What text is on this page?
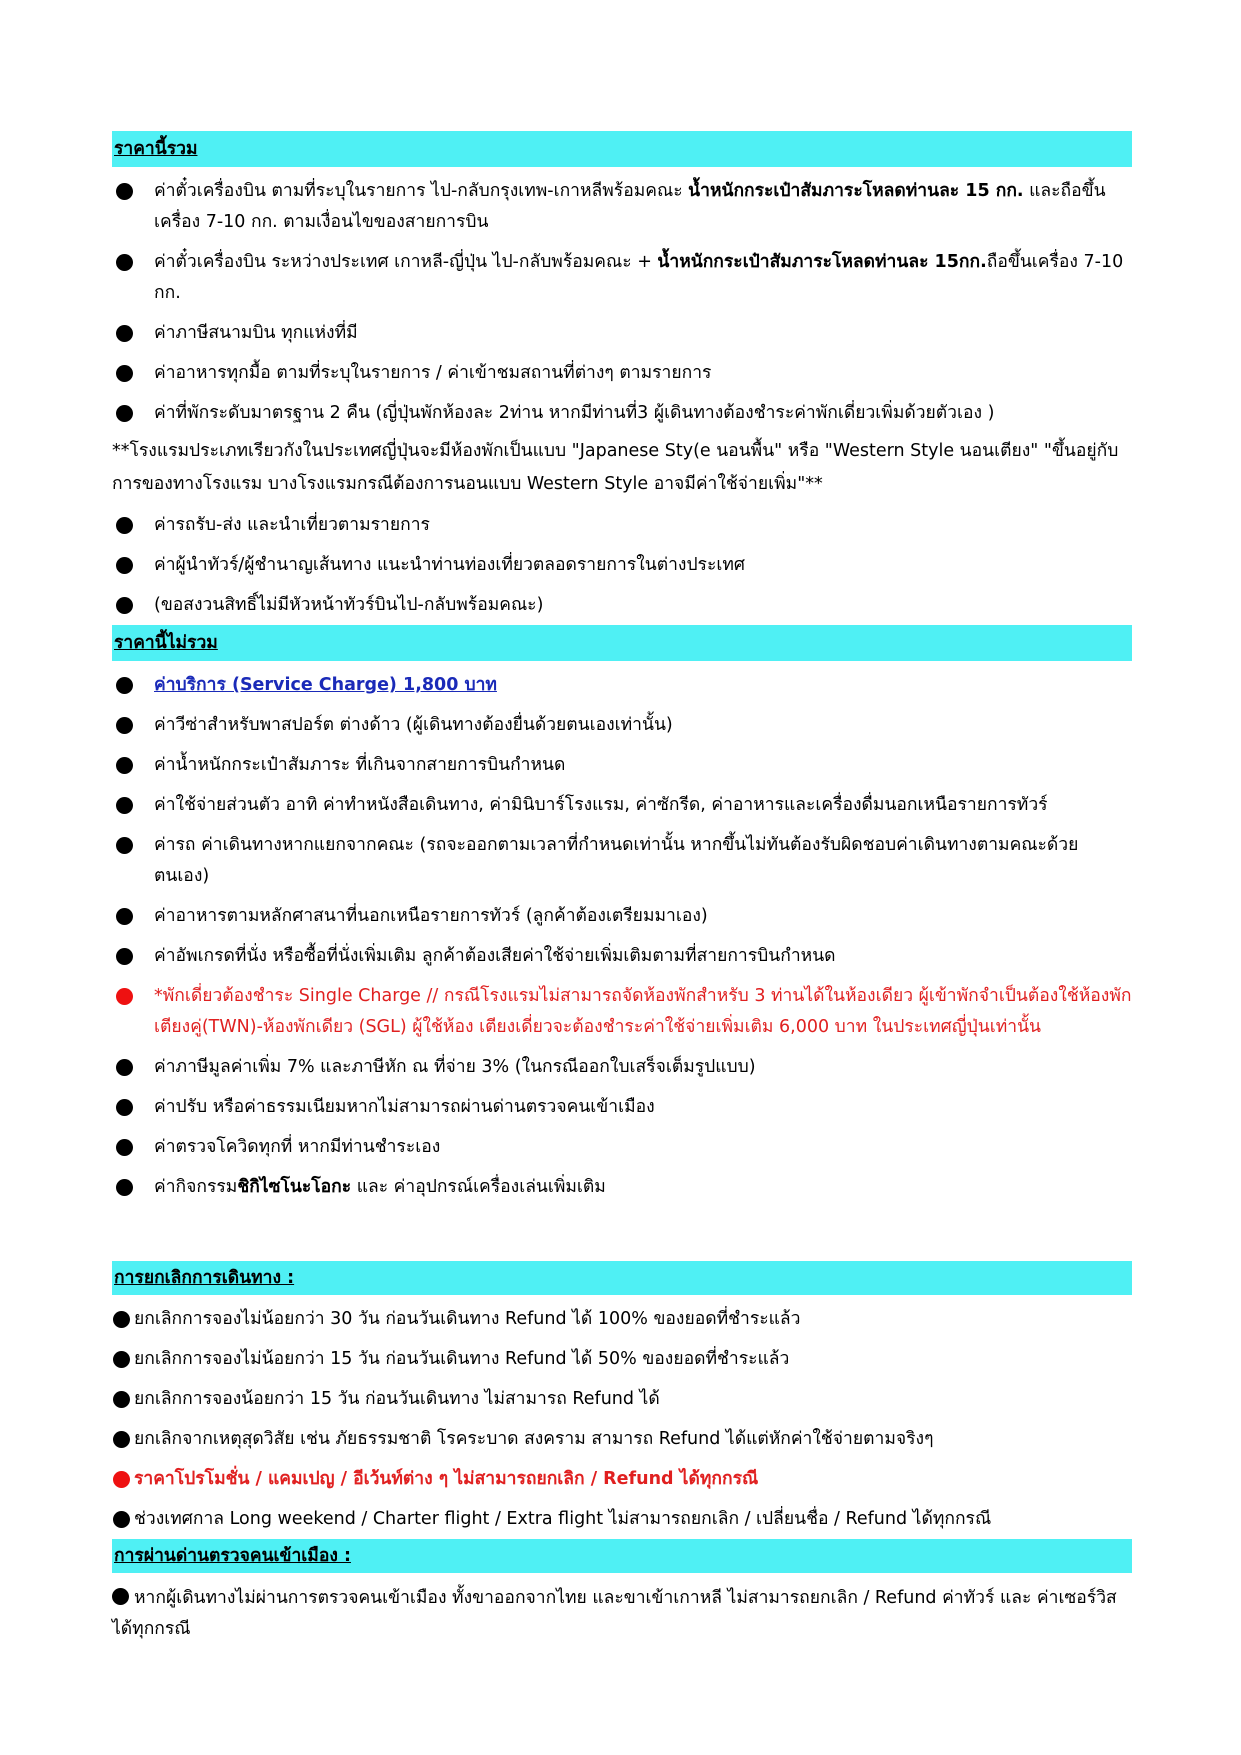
ราคานี้รวม
ค่าตั๋วเครื่องบิน ตามที่ระบุในรายการ ไป-กลับกรุงเทพ-เกาหลีพร้อมคณะ น้ำหนักกระเป๋าสัมภาระโหลดท่านละ 15 กก. และถือขึ้นเครื่อง 7-10 กก. ตามเงื่อนไขของสายการบิน
ค่าตั๋วเครื่องบิน ระหว่างประเทศ เกาหลี-ญี่ปุ่น ไป-กลับพร้อมคณะ + น้ำหนักกระเป๋าสัมภาระโหลดท่านละ 15กก.ถือขึ้นเครื่อง 7-10 กก.
ค่าภาษีสนามบิน ทุกแห่งที่มี
ค่าอาหารทุกมื้อ ตามที่ระบุในรายการ / ค่าเข้าชมสถานที่ต่างๆ ตามรายการ
ค่าที่พักระดับมาตรฐาน 2 คืน (ญี่ปุ่นพักห้องละ 2ท่าน หากมีท่านที่3 ผู้เดินทางต้องชำระค่าพักเดี่ยวเพิ่มด้วยตัวเอง )
**โรงแรมประเภทเรียวกังในประเทศญี่ปุ่นจะมีห้องพักเป็นแบบ "Japanese Sty(e นอนพื้น" หรือ "Western Style นอนเตียง" "ขึ้นอยู่กับการของทางโรงแรม บางโรงแรมกรณีต้องการนอนแบบ Western Style อาจมีค่าใช้จ่ายเพิ่ม"**
ค่ารถรับ-ส่ง และนำเที่ยวตามรายการ
ค่าผู้นำทัวร์/ผู้ชำนาญเส้นทาง แนะนำท่านท่องเที่ยวตลอดรายการในต่างประเทศ
(ขอสงวนสิทธิ์ไม่มีหัวหน้าทัวร์บินไป-กลับพร้อมคณะ)
ราคานี้ไม่รวม
ค่าบริการ (Service Charge) 1,800 บาท
ค่าวีซ่าสำหรับพาสปอร์ต ต่างด้าว (ผู้เดินทางต้องยื่นด้วยตนเองเท่านั้น)
ค่าน้ำหนักกระเป๋าสัมภาระ ที่เกินจากสายการบินกำหนด
ค่าใช้จ่ายส่วนตัว อาทิ ค่าทำหนังสือเดินทาง, ค่ามินิบาร์โรงแรม, ค่าซักรีด, ค่าอาหารและเครื่องดื่มนอกเหนือรายการทัวร์
ค่ารถ ค่าเดินทางหากแยกจากคณะ (รถจะออกตามเวลาที่กำหนดเท่านั้น หากขึ้นไม่ทันต้องรับผิดชอบค่าเดินทางตามคณะด้วยตนเอง)
ค่าอาหารตามหลักศาสนาที่นอกเหนือรายการทัวร์ (ลูกค้าต้องเตรียมมาเอง)
ค่าอัพเกรดที่นั่ง หรือซื้อที่นั่งเพิ่มเติม ลูกค้าต้องเสียค่าใช้จ่ายเพิ่มเติมตามที่สายการบินกำหนด
*พักเดี่ยวต้องชำระ Single Charge // กรณีโรงแรมไม่สามารถจัดห้องพักสำหรับ 3 ท่านได้ในห้องเดียว ผู้เข้าพักจำเป็นต้องใช้ห้องพักเตียงคู่(TWN)-ห้องพักเดียว (SGL) ผู้ใช้ห้อง เตียงเดี่ยวจะต้องชำระค่าใช้จ่ายเพิ่มเติม 6,000 บาท ในประเทศญี่ปุ่นเท่านั้น
ค่าภาษีมูลค่าเพิ่ม 7% และภาษีหัก ณ ที่จ่าย 3% (ในกรณีออกใบเสร็จเต็มรูปแบบ)
ค่าปรับ หรือค่าธรรมเนียมหากไม่สามารถผ่านด่านตรวจคนเข้าเมือง
ค่าตรวจโควิดทุกที่ หากมีท่านชำระเอง
ค่ากิจกรรมชิกิไซโนะโอกะ และ ค่าอุปกรณ์เครื่องเล่นเพิ่มเติม
การยกเลิกการเดินทาง :
ยกเลิกการจองไม่น้อยกว่า 30 วัน ก่อนวันเดินทาง Refund ได้ 100% ของยอดที่ชำระแล้ว
ยกเลิกการจองไม่น้อยกว่า 15 วัน ก่อนวันเดินทาง Refund ได้ 50% ของยอดที่ชำระแล้ว
ยกเลิกการจองน้อยกว่า 15 วัน ก่อนวันเดินทาง ไม่สามารถ Refund ได้
ยกเลิกจากเหตุสุดวิสัย เช่น ภัยธรรมชาติ โรคระบาด สงคราม สามารถ Refund ได้แต่หักค่าใช้จ่ายตามจริงๆ
ราคาโปรโมชั่น / แคมเปญ / อีเว้นท์ต่าง ๆ ไม่สามารถยกเลิก / Refund ได้ทุกกรณี
ช่วงเทศกาล Long weekend / Charter flight / Extra flight ไม่สามารถยกเลิก / เปลี่ยนชื่อ / Refund ได้ทุกกรณี
การผ่านด่านตรวจคนเข้าเมือง :
หากผู้เดินทางไม่ผ่านการตรวจคนเข้าเมือง ทั้งขาออกจากไทย และขาเข้าเกาหลี ไม่สามารถยกเลิก / Refund ค่าทัวร์ และ ค่าเซอร์วิสได้ทุกกรณี
